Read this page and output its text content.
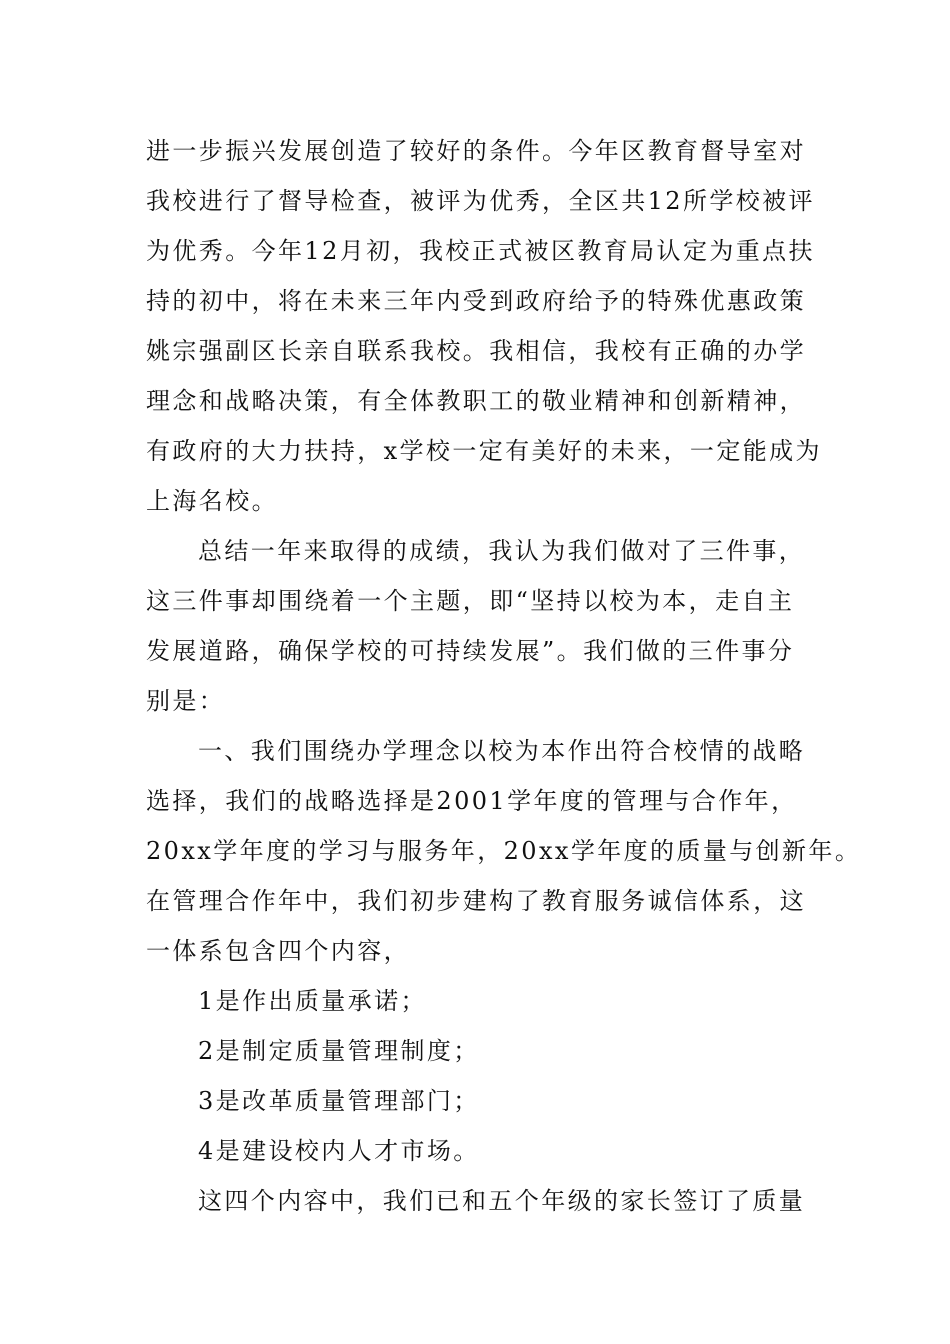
进一步振兴发展创造了较好的条件。今年区教育督导室对
我校进行了督导检查，被评为优秀，全区共12所学校被评
为优秀。今年12月初，我校正式被区教育局认定为重点扶
持的初中，将在未来三年内受到政府给予的特殊优惠政策
姚宗强副区长亲自联系我校。我相信，我校有正确的办学
理念和战略决策，有全体教职工的敬业精神和创新精神，
有政府的大力扶持，x学校一定有美好的未来，一定能成为
上海名校。
总结一年来取得的成绩，我认为我们做对了三件事，
这三件事却围绕着一个主题，即“坚持以校为本，走自主
发展道路，确保学校的可持续发展”。我们做的三件事分
别是：
一、我们围绕办学理念以校为本作出符合校情的战略
选择，我们的战略选择是2001学年度的管理与合作年，
20xx学年度的学习与服务年，20xx学年度的质量与创新年。
在管理合作年中，我们初步建构了教育服务诚信体系，这
一体系包含四个内容，
1是作出质量承诺；
2是制定质量管理制度；
3是改革质量管理部门；
4是建设校内人才市场。
这四个内容中，我们已和五个年级的家长签订了质量
